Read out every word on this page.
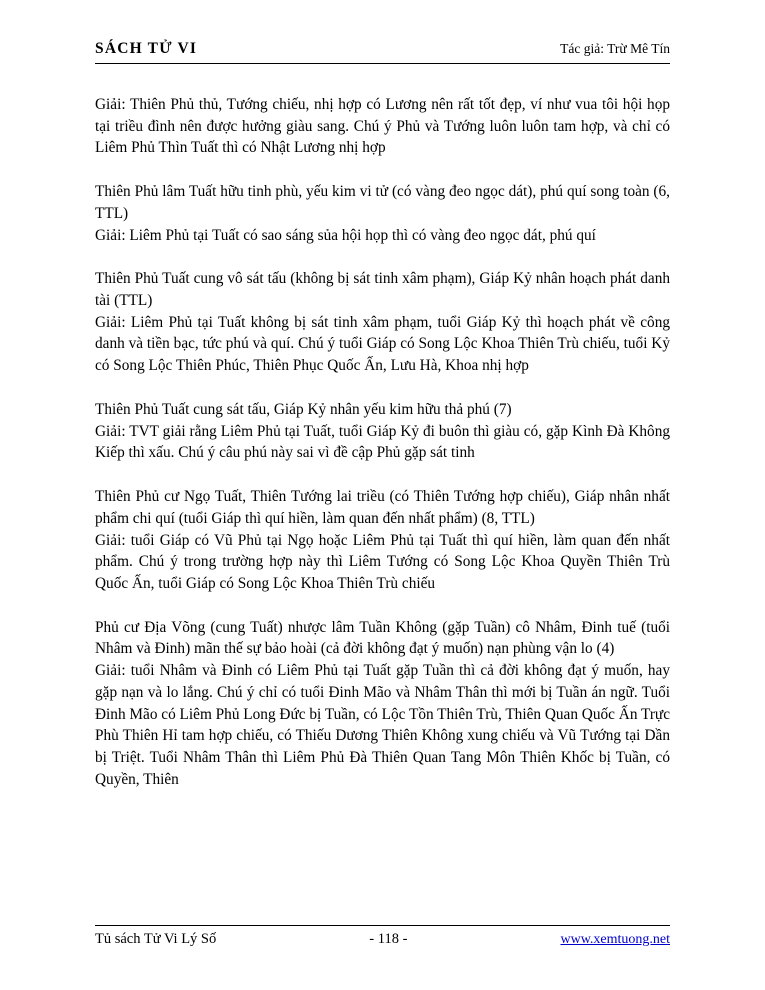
SÁCH TỬ VI	Tác giả: Trừ Mê Tín

Giải: Thiên Phủ thủ, Tướng chiếu, nhị hợp có Lương nên rất tốt đẹp, ví như vua tôi hội họp tại triều đình nên được hưởng giàu sang. Chú ý Phủ và Tướng luôn luôn tam hợp, và chỉ có Liêm Phủ Thìn Tuất thì có Nhật Lương nhị hợp

Thiên Phủ lâm Tuất hữu tinh phù, yếu kim vi tử (có vàng đeo ngọc dát), phú quí song toàn (6, TTL)

Giải: Liêm Phủ tại Tuất có sao sáng sủa hội họp thì có vàng đeo ngọc dát, phú quí

Thiên Phủ Tuất cung vô sát tấu (không bị sát tinh xâm phạm), Giáp Kỷ nhân hoạch phát danh tài (TTL)

Giải: Liêm Phủ tại Tuất không bị sát tinh xâm phạm, tuổi Giáp Kỷ thì hoạch phát về công danh và tiền bạc, tức phú và quí. Chú ý tuổi Giáp có Song Lộc Khoa Thiên Trù chiếu, tuổi Kỷ có Song Lộc Thiên Phúc, Thiên Phục Quốc Ấn, Lưu Hà, Khoa nhị hợp

Thiên Phủ Tuất cung sát tấu, Giáp Kỷ nhân yếu kim hữu thả phú (7)

Giải: TVT giải rằng Liêm Phủ tại Tuất, tuổi Giáp Kỷ đi buôn thì giàu có, gặp Kình Đà Không Kiếp thì xấu. Chú ý câu phú này sai vì đề cập Phủ gặp sát tinh

Thiên Phủ cư Ngọ Tuất, Thiên Tướng lai triều (có Thiên Tướng hợp chiếu), Giáp nhân nhất phẩm chi quí (tuổi Giáp thì quí hiền, làm quan đến nhất phẩm) (8, TTL)

Giải: tuổi Giáp có Vũ Phủ tại Ngọ hoặc Liêm Phủ tại Tuất thì quí hiền, làm quan đến nhất phẩm. Chú ý trong trường hợp này thì Liêm Tướng có Song Lộc Khoa Quyền Thiên Trù Quốc Ấn, tuổi Giáp có Song Lộc Khoa Thiên Trù chiếu

Phủ cư Địa Võng (cung Tuất) nhược lâm Tuần Không (gặp Tuần) cô Nhâm, Đinh tuế (tuổi Nhâm và Đinh) mãn thế sự bảo hoài (cả đời không đạt ý muốn) nạn phùng vận lo (4)

Giải: tuổi Nhâm và Đinh có Liêm Phủ tại Tuất gặp Tuần thì cả đời không đạt ý muốn, hay gặp nạn và lo lắng. Chú ý chỉ có tuổi Đinh Mão và Nhâm Thân thì mới bị Tuần án ngữ. Tuổi Đinh Mão có Liêm Phủ Long Đức bị Tuần, có Lộc Tồn Thiên Trù, Thiên Quan Quốc Ấn Trực Phù Thiên Hỉ tam hợp chiếu, có Thiếu Dương Thiên Không xung chiếu và Vũ Tướng tại Dần bị Triệt. Tuổi Nhâm Thân thì Liêm Phủ Đà Thiên Quan Tang Môn Thiên Khốc bị Tuần, có Quyền, Thiên

Tủ sách Tử Vi Lý Số	- 118 -	www.xemtuong.net
